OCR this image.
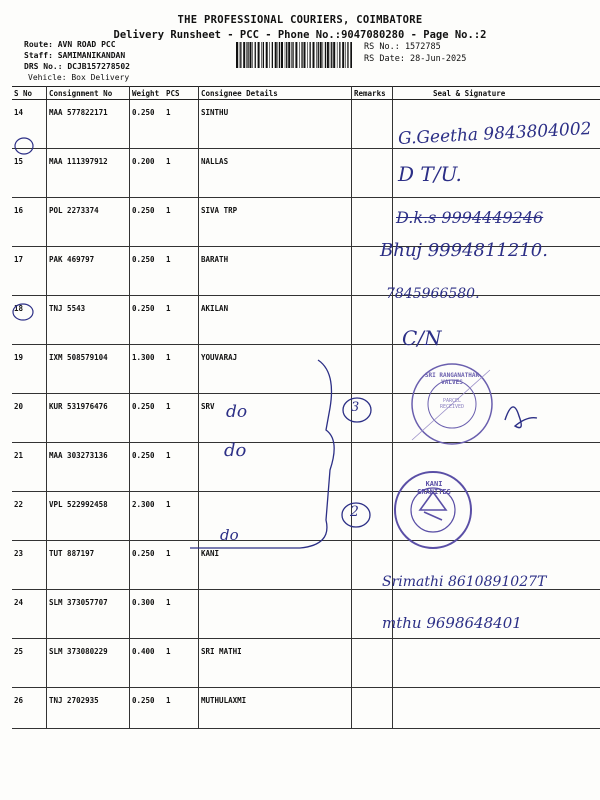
THE PROFESSIONAL COURIERS, COIMBATORE
Delivery Runsheet - PCC - Phone No.:9047080280 - Page No.:2
Route: AVN ROAD PCC
Staff: SAMIMANIKANDAN
DRS No.: DCJB157278502
Vehicle: Box Delivery
RS No.: 1572785
RS Date: 28-Jun-2025
S No	Consignment No	Weight	PCS	Consignee Details	Remarks	Seal & Signature
14	MAA 577822171	0.250	1	SINTHU		
15	MAA 111397912	0.200	1	NALLAS		
16	POL 2273374	0.250	1	SIVA TRP		
17	PAK 469797	0.250	1	BARATH		
18	TNJ 5543	0.250	1	AKILAN		
19	IXM 508579104	1.300	1	YOUVARAJ		
20	KUR 531976476	0.250	1	SRV		
21	MAA 303273136	0.250	1			
22	VPL 522992458	2.300	1			
23	TUT 887197	0.250	1	KANI		
24	SLM 373057707	0.300	1			
25	SLM 373080229	0.400	1	SRI MATHI		
26	TNJ 2702935	0.250	1	MUTHULAXMI		
G.Geetha 9843804002
D T/U.
D.k.s 9994449246
Bhuj 9994811210.
7845966580.
C/N
do
do
do
3
2
Srimathi 8610891027T
mthu 9698648401
SRI RANGANATHAR VALVES
PARCEL RECEIVED
KANI GRANITES
